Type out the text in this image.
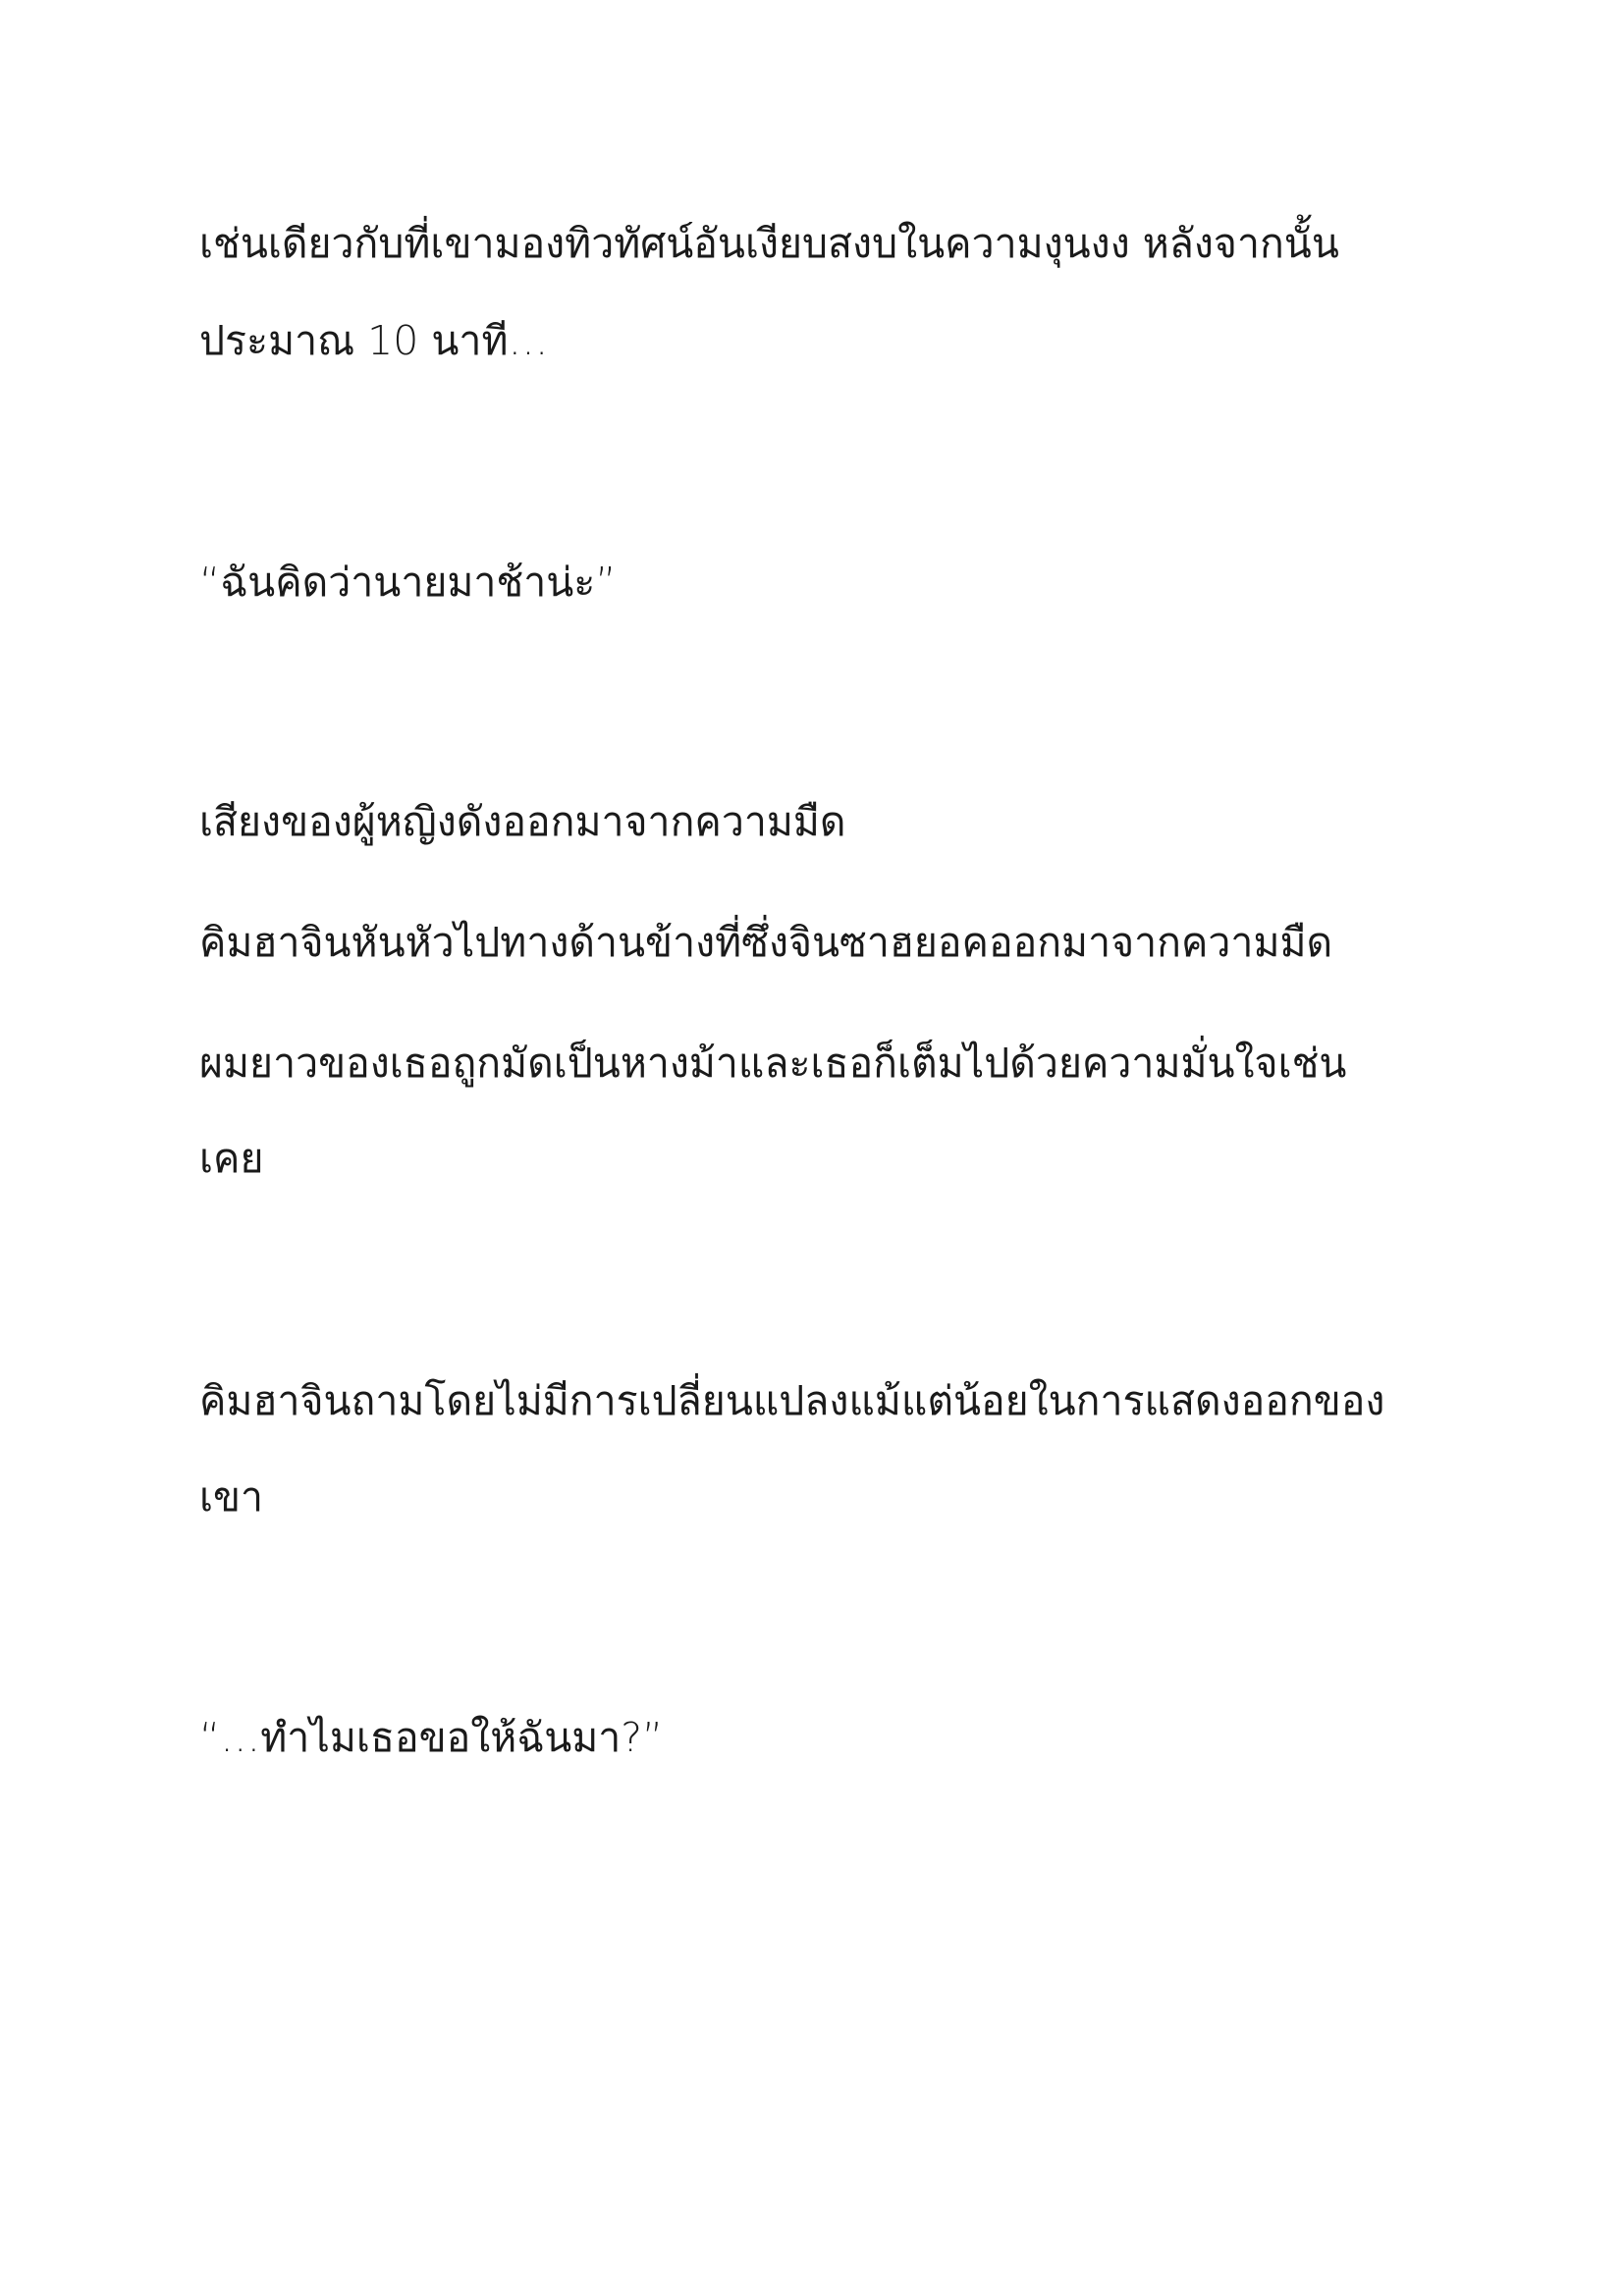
เช่นเดียวกับที่เขามองทิวทัศน์อันเงียบสงบในความงุนงง หลังจากนั้น
ประมาณ 10 นาที…
“ฉันคิดว่านายมาช้าน่ะ”
เสียงของผู้หญิงดังออกมาจากความมืด
คิมฮาจินหันหัวไปทางด้านข้างที่ซึ่งจินซาฮยอคออกมาจากความมืด
ผมยาวของเธอถูกมัดเป็นหางม้าและเธอก็เต็มไปด้วยความมั่นใจเช่น
เคย
คิมฮาจินถามโดยไม่มีการเปลี่ยนแปลงแม้แต่น้อยในการแสดงออกของ
เขา
“…ทำไมเธอขอให้ฉันมา?”
